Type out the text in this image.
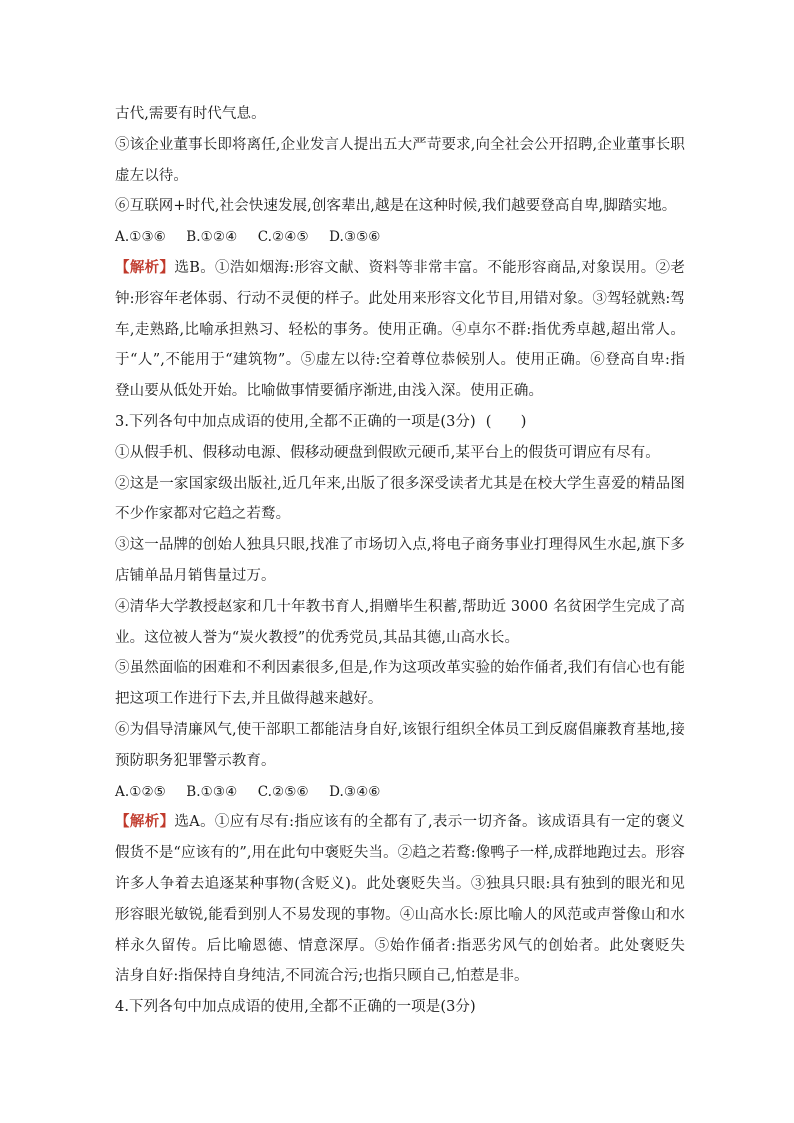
古代,需要有时代气息。
⑤该企业董事长即将离任,企业发言人提出五大严苛要求,向全社会公开招聘,企业董事长职
虚左以待。
⑥互联网+时代,社会快速发展,创客辈出,越是在这种时候,我们越要登高自卑,脚踏实地。
A.①③⑥ B.①②④ C.②④⑤ D.③⑤⑥
【解析】选B。①浩如烟海:形容文献、资料等非常丰富。不能形容商品,对象误用。②老
钟:形容年老体弱、行动不灵便的样子。此处用来形容文化节目,用错对象。③驾轻就熟:驾
车,走熟路,比喻承担熟习、轻松的事务。使用正确。④卓尔不群:指优秀卓越,超出常人。
于“人”,不能用于“建筑物”。⑤虚左以待:空着尊位恭候别人。使用正确。⑥登高自卑:指
登山要从低处开始。比喻做事情要循序渐进,由浅入深。使用正确。
3.下列各句中加点成语的使用,全都不正确的一项是(3分) (　　)
①从假手机、假移动电源、假移动硬盘到假欧元硬币,某平台上的假货可谓应有尽有。
②这是一家国家级出版社,近几年来,出版了很多深受读者尤其是在校大学生喜爱的精品图
不少作家都对它趋之若鹜。
③这一品牌的创始人独具只眼,找准了市场切入点,将电子商务事业打理得风生水起,旗下多
店铺单品月销售量过万。
④清华大学教授赵家和几十年教书育人,捐赠毕生积蓄,帮助近 3000 名贫困学生完成了高
业。这位被人誉为“炭火教授”的优秀党员,其品其德,山高水长。
⑤虽然面临的困难和不利因素很多,但是,作为这项改革实验的始作俑者,我们有信心也有能
把这项工作进行下去,并且做得越来越好。
⑥为倡导清廉风气,使干部职工都能洁身自好,该银行组织全体员工到反腐倡廉教育基地,接
预防职务犯罪警示教育。
A.①②⑤ B.①③④ C.②⑤⑥ D.③④⑥
【解析】选A。①应有尽有:指应该有的全都有了,表示一切齐备。该成语具有一定的褒义
假货不是“应该有的”,用在此句中褒贬失当。②趋之若鹜:像鸭子一样,成群地跑过去。形容
许多人争着去追逐某种事物(含贬义)。此处褒贬失当。③独具只眼:具有独到的眼光和见
形容眼光敏锐,能看到别人不易发现的事物。④山高水长:原比喻人的风范或声誉像山和水
样永久留传。后比喻恩德、情意深厚。⑤始作俑者:指恶劣风气的创始者。此处褒贬失
洁身自好:指保持自身纯洁,不同流合污;也指只顾自己,怕惹是非。
4.下列各句中加点成语的使用,全都不正确的一项是(3分)
